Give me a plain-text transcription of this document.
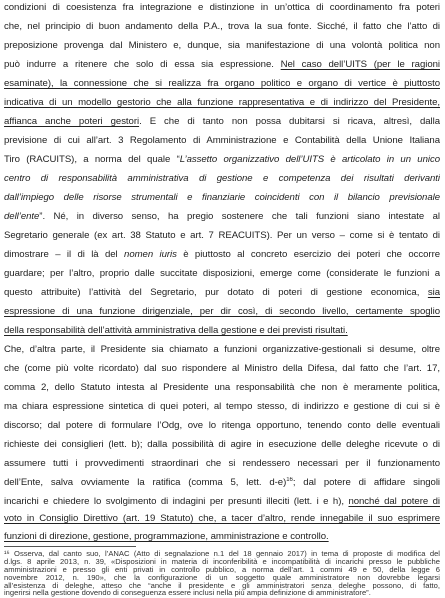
condizioni di coesistenza fra integrazione e distinzione in un’ottica di coordinamento fra poteri
che, nel principio di buon andamento della P.A., trova la sua fonte. Sicché, il fatto che l’atto di
preposizione provenga dal Ministero e, dunque, sia manifestazione di una volontà politica non
può indurre a ritenere che solo di essa sia espressione. Nel caso dell’UITS (per le ragioni
esaminate), la connessione che si realizza fra organo politico e organo di vertice è piuttosto
indicativa di un modello gestorio che alla funzione rappresentativa e di indirizzo del Presidente,
affianca anche poteri gestori. E che di tanto non possa dubitarsi si ricava, altresì, dalla
previsione di cui all’art. 3 Regolamento di Amministrazione e Contabilità della Unione Italiana
Tiro (RACUITS), a norma del quale “L’assetto organizzativo dell’UITS è articolato in un unico
centro di responsabilità amministrativa di gestione e competenza dei risultati derivanti
dall’impiego delle risorse strumentali e finanziarie coincidenti con il bilancio previsionale
dell’ente”. Né, in diverso senso, ha pregio sostenere che tali funzioni siano intestate al
Segretario generale (ex art. 38 Statuto e art. 7 REACUITS). Per un verso – come si è tentato di
dimostrare – il di là del nomen iuris è piuttosto al concreto esercizio dei poteri che occorre
guardare; per l’altro, proprio dalle succitate disposizioni, emerge come (considerate le funzioni a
questo attribuite) l’attività del Segretario, pur dotato di poteri di gestione economica, sia
espressione di una funzione dirigenziale, per dir così, di secondo livello, certamente spoglio
della responsabilità dell’attività amministrativa della gestione e dei previsti risultati.
Che, d’altra parte, il Presidente sia chiamato a funzioni organizzative-gestionali si desume, oltre
che (come più volte ricordato) dal suo rispondere al Ministro della Difesa, dal fatto che l’art. 17,
comma 2, dello Statuto intesta al Presidente una responsabilità che non è meramente politica,
ma chiara espressione sintetica di quei poteri, al tempo stesso, di indirizzo e gestione di cui si è
discorso; dal potere di formulare l’Odg, ove lo ritenga opportuno, tenendo conto delle eventuali
richieste dei consiglieri (lett. b); dalla possibilità di agire in esecuzione delle deleghe ricevute o di
assumere tutti i provvedimenti straordinari che si rendessero necessari per il funzionamento
dell’Ente, salva ovviamente la ratifica (comma 5, lett. d-e)$^{16}$; dal potere di affidare singoli
incarichi e chiedere lo svolgimento di indagini per presunti illeciti (lett. i e h), nonché dal potere di
voto in Consiglio Direttivo (art. 19 Statuto) che, a tacer d’altro, rende innegabile il suo esprimere
funzioni di direzione, gestione, programmazione, amministrazione e controllo.
¹⁶ Osserva, dal canto suo, l’ANAC (Atto di segnalazione n.1 del 18 gennaio 2017) in tema di proposte di modifica del
d.lgs. 8 aprile 2013, n. 39, «Disposizioni in materia di inconferibilità e incompatibilità di incarichi presso le pubbliche
amministrazioni e presso gli enti privati in controllo pubblico, a norma dell’art. 1 commi 49 e 50, della legge 6
novembre 2012, n. 190», che la configurazione di un soggetto quale amministratore non dovrebbe legarsi
all’esistenza di deleghe, atteso che “anche il presidente e gli amministratori senza deleghe possono, di fatto,
ingerirsi nella gestione dovendo di conseguenza essere inclusi nella più ampia definizione di amministratore”.
